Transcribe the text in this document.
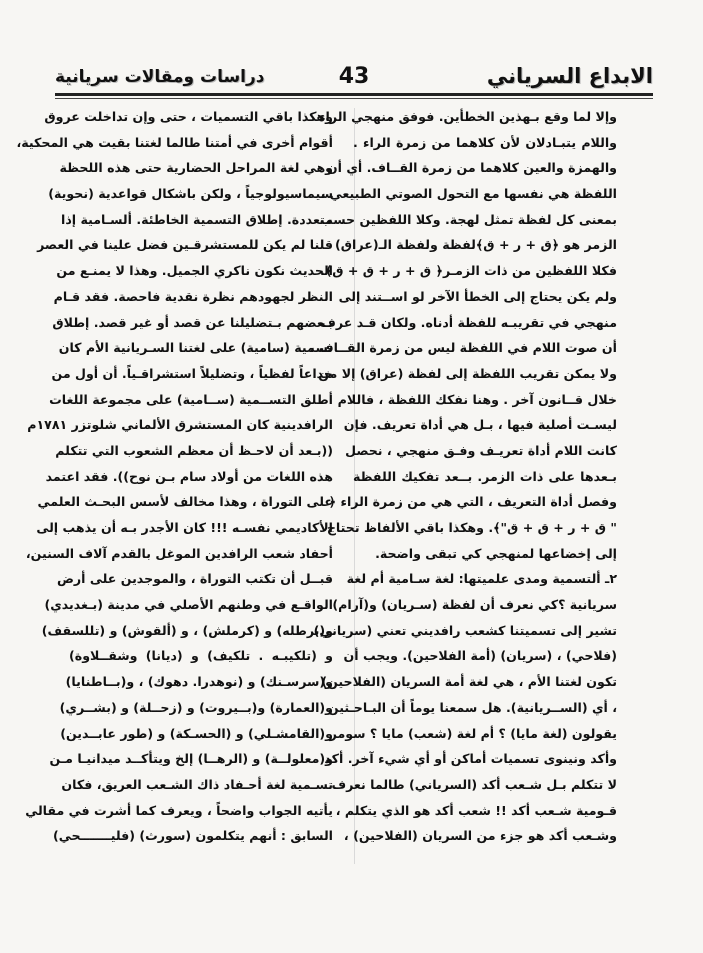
الابداع السرياني
43
دراسات ومقالات سريانية
وإلا لما وقع بـهذين الخطأين. فوفق منهجي الراء
واللام يتبـادلان لأن كلاهما من زمرة الراء .
والهمزة والعين كلاهما من زمرة القــاف. أي أن
اللفظة هي نفسها مع التحول الصوتي الطبيعي ،
بمعنى كل لفظة تمثل لهجة. وكلا اللفظين حسب
الزمر هو ﴿ق + ر + ق﴾لفظة ولفظة الـ(عراق)
فكلا اللفظين من ذات الزمـر﴿ ق + ر + ق + ق﴾.
ولم يكن يحتاج إلى الخطأ الآخر لو اســتند إلى
منهجي في تقريبـه للفظة أدناه. ولكان قـد عرف
أن صوت اللام في اللفظة ليس من زمرة القــاف ،
ولا يمكن تقريب اللفظة إلى لفظة (عراق) إلا من
خلال قــانون آخر . وهنا نفكك اللفظة ، فاللام
ليسـت أصلية فيها ، بـل هي أداة تعريف. فإن
كانت اللام أداة تعريـف وفـق منهجي ، نحصل
بـعدها على ذات الزمر. بــعد تفكيك اللفظة
وفصل أداة التعريف ، التي هي من زمرة الراء ﴿
" ق + ر + ق + ق"﴾. وهكذا باقي الألفاظ تحتاج
إلى إخضاعها لمنهجي كي تبقى واضحة.
٢ـ ألتسمية ومدى علميتها: لغة سـامية أم لغة
سريانية ؟كي نعرف أن لفظة (سـريان) و(آرام)
تشير إلى تسميتنا كشعب رافديني تعني (سرياني)
(فلاحي) ، (سريان) (أمة الفلاحين). ويجب أن
تكون لغتنا الأم ، هي لغة أمة السريان (الفلاحين)
، أي (الســريانية). هل سمعنا يوماً أن البـاحـثين
يقولون (لغة مايا) ؟ أم لغة (شعب) مايا ؟ سومر
وأكد ونينوى تسميات أماكن أو أي شيء آخر. أكد
لا تتكلم بـل شـعب أكد (السرياني) طالما نعرف
قـومية شـعب أكد !! شعب أكد هو الذي يتكلم ،
وشـعب أكد هو جزء من السريان (الفلاحين) ،
وهكذا باقي التسميات ، حتى وإن تداخلت عروق
أقوام أخرى في أمتنا طالما لغتنا بقيت هي المحكية،
وهي لغة المراحل الحضارية حتى هذه اللحظة
سيماسيولوجياً ، ولكن باشكال قواعدية (نحوية)
متعددة. إطلاق التسمية الخاطئة. ألسـامية إذا
قلنا لم يكن للمستشرقـين فضل علينا في العصر
الحديث نكون ناكري الجميل. وهذا لا يمنـع من
النظر لجهودهم نظرة نقدية فاحصة. فقد قـام
بـعضهم بـتضليلنا عن قصد أو غير قصد. إطلاق
تسمية (سامية) على لغتنا السـريانية الأم كان
خداعاً لفظياً ، وتضليلاً استشراقـياً. أن أول من
أطلق التســمية (ســامية) على مجموعة اللغات
الرافدينية كان المستشرق الألماني شلوتزر ١٧٨١م
((بـعد أن لاحـظ أن معظم الشعوب التي تتكلم
هذه اللغات من أولاد سام بـن نوح)). فقد اعتمد
على التوراة ، وهذا مخالف لأسس البحـث العلمي
الأكاديمي نفسـه !!! كان الأجدر بـه أن يذهب إلى
أحفاد شعب الرافدين الموغل بالقدم آلاف السنين،
قبــل أن تكتب التوراة ، والموجدين على أرض
الواقـع في وطنهم الأصلي في مدينة (بـغديدي)
و(برطله) و (كرملش) ، و (ألقوش) و (تللسقف)
و (تلكيبـه . تلكيف) و (ديانا) وشقــلاوة)
و(سرسـنك) و (نوهدرا. دهوك) ، و(بــاطنايا)
و(العمارة) و(بــيروت) و (زحــلة) و (بشــري)
و(القامشـلي) و (الحسـكة) و (طور عابــدين)
و(معلولــة) و (الرهــا) إلخ ويتأكــد ميدانيـا مـن
تسـمية لغة أحـفاد ذاك الشـعب العريق، فكان
يأتيه الجواب واضحاً ، ويعرف كما أشرت في مقالي
السابق : أنهم يتكلمون (سورث) (فليـــــــحي)
